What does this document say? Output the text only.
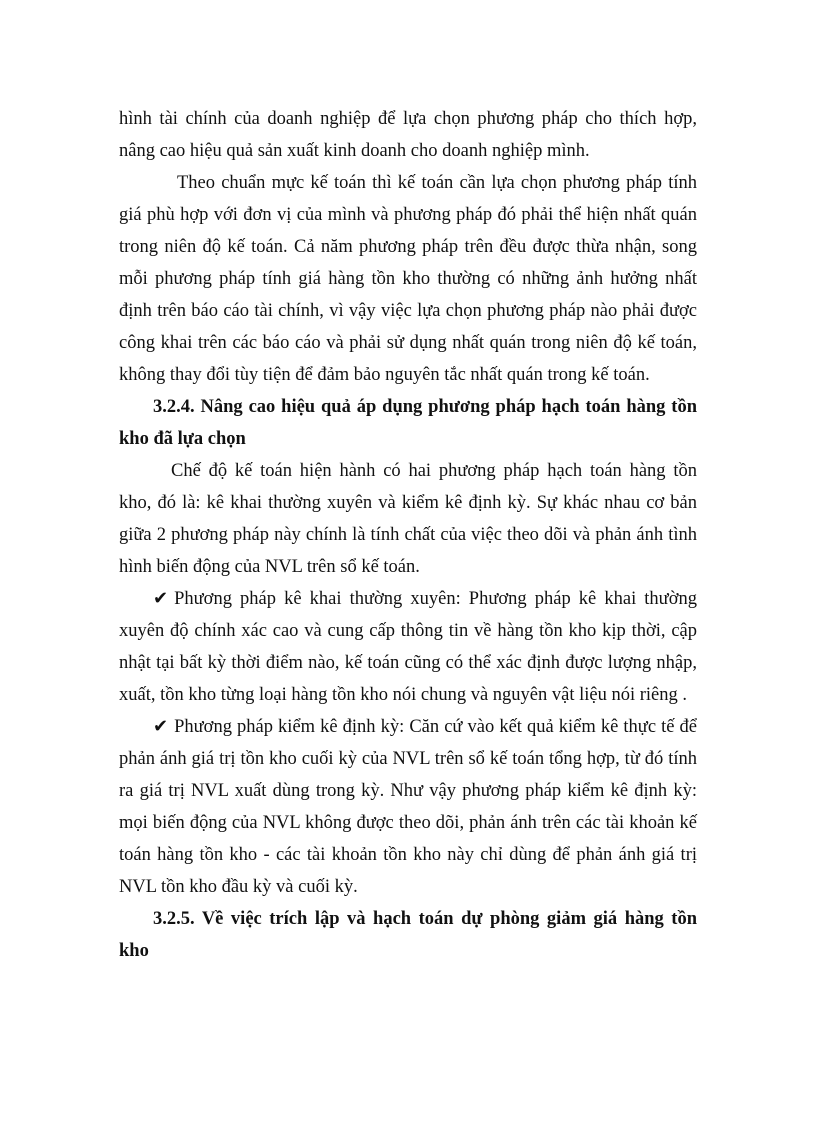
hình tài chính của doanh nghiệp để lựa chọn phương pháp cho thích hợp,
nâng cao hiệu quả sản xuất kinh doanh cho doanh nghiệp mình.
Theo chuẩn mực kế toán thì kế toán cần lựa chọn phương pháp tính
giá phù hợp với đơn vị của mình và phương pháp đó phải thể hiện nhất quán
trong niên độ kế toán. Cả năm phương pháp trên đều được thừa nhận, song
mỗi phương pháp tính giá hàng tồn kho thường có những ảnh hưởng nhất
định trên báo cáo tài chính, vì vậy việc lựa chọn phương pháp nào phải được
công khai trên các báo cáo và phải sử dụng nhất quán trong niên độ kế toán,
không thay đổi tùy tiện để đảm bảo nguyên tắc nhất quán trong kế toán.
3.2.4. Nâng cao hiệu quả áp dụng phương pháp hạch toán hàng tồn
kho đã lựa chọn
Chế độ kế toán hiện hành có hai phương pháp hạch toán hàng tồn
kho, đó là: kê khai thường xuyên và kiểm kê định kỳ. Sự khác nhau cơ bản
giữa 2 phương pháp này chính là tính chất của việc theo dõi và phản ánh tình
hình biến động của NVL trên sổ kế toán.
✔ Phương pháp kê khai thường xuyên: Phương pháp kê khai thường
xuyên độ chính xác cao và cung cấp thông tin về hàng tồn kho kịp thời, cập
nhật tại bất kỳ thời điểm nào, kế toán cũng có thể xác định được lượng nhập,
xuất, tồn kho từng loại hàng tồn kho nói chung và nguyên vật liệu nói riêng .
✔ Phương pháp kiểm kê định kỳ: Căn cứ vào kết quả kiểm kê thực tế để
phản ánh giá trị tồn kho cuối kỳ của NVL trên sổ kế toán tổng hợp, từ đó tính
ra giá trị NVL xuất dùng trong kỳ. Như vậy phương pháp kiểm kê định kỳ:
mọi biến động của NVL không được theo dõi, phản ánh trên các tài khoản kế
toán hàng tồn kho - các tài khoản tồn kho này chỉ dùng để phản ánh giá trị
NVL tồn kho đầu kỳ và cuối kỳ.
3.2.5. Về việc trích lập và hạch toán dự phòng giảm giá hàng tồn
kho
